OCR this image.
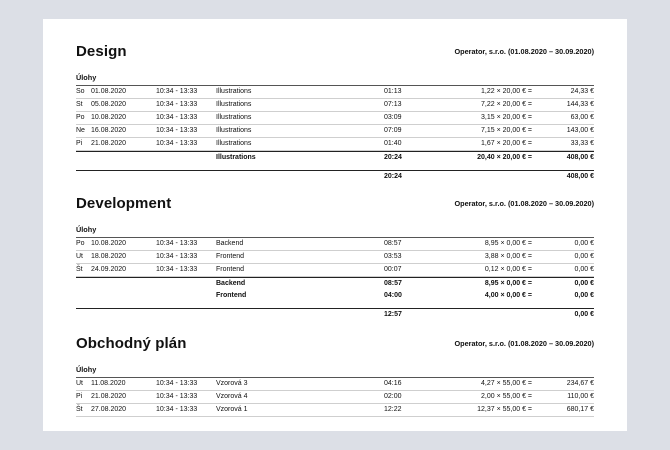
Design	Operator, s.r.o. (01.08.2020 – 30.09.2020)
Úlohy
So 01.08.2020	10:34 - 13:33	Illustrations	01:13	1,22 × 20,00 € =	24,33 €
St 05.08.2020	10:34 - 13:33	Illustrations	07:13	7,22 × 20,00 € =	144,33 €
Po 10.08.2020	10:34 - 13:33	Illustrations	03:09	3,15 × 20,00 € =	63,00 €
Ne 16.08.2020	10:34 - 13:33	Illustrations	07:09	7,15 × 20,00 € =	143,00 €
Pi 21.08.2020	10:34 - 13:33	Illustrations	01:40	1,67 × 20,00 € =	33,33 €
Illustrations	20:24	20,40 × 20,00 € =	408,00 €
20:24	408,00 €
Development	Operator, s.r.o. (01.08.2020 – 30.09.2020)
Úlohy
Po 10.08.2020	10:34 - 13:33	Backend	08:57	8,95 × 0,00 € =	0,00 €
Ut 18.08.2020	10:34 - 13:33	Frontend	03:53	3,88 × 0,00 € =	0,00 €
Št 24.09.2020	10:34 - 13:33	Frontend	00:07	0,12 × 0,00 € =	0,00 €
Backend	08:57	8,95 × 0,00 € =	0,00 €
Frontend	04:00	4,00 × 0,00 € =	0,00 €
12:57	0,00 €
Obchodný plán	Operator, s.r.o. (01.08.2020 – 30.09.2020)
Úlohy
Ut 11.08.2020	10:34 - 13:33	Vzorová 3	04:16	4,27 × 55,00 € =	234,67 €
Pi 21.08.2020	10:34 - 13:33	Vzorová 4	02:00	2,00 × 55,00 € =	110,00 €
Št 27.08.2020	10:34 - 13:33	Vzorová 1	12:22	12,37 × 55,00 € =	680,17 €
